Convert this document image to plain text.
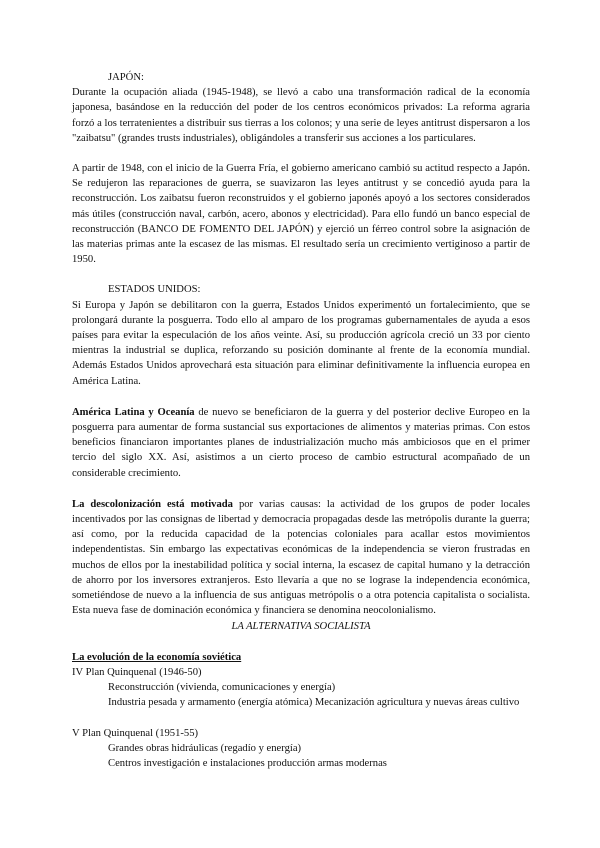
JAPÓN:

Durante la ocupación aliada (1945-1948), se llevó a cabo una transformación radical de la economía japonesa, basándose en la reducción del poder de los centros económicos privados: La reforma agraria forzó a los terratenientes a distribuir sus tierras a los colonos; y una serie de leyes antitrust dispersaron a los "zaibatsu" (grandes trusts industriales), obligándoles a transferir sus acciones a los particulares.

A partir de 1948, con el inicio de la Guerra Fría, el gobierno americano cambió su actitud respecto a Japón. Se redujeron las reparaciones de guerra, se suavizaron las leyes antitrust y se concedió ayuda para la reconstrucción. Los zaibatsu fueron reconstruidos y el gobierno japonés apoyó a los sectores considerados más útiles (construcción naval, carbón, acero, abonos y electricidad). Para ello fundó un banco especial de reconstrucción (BANCO DE FOMENTO DEL JAPÓN) y ejerció un férreo control sobre la asignación de las materias primas ante la escasez de las mismas. El resultado sería un crecimiento vertiginoso a partir de 1950.

ESTADOS UNIDOS:

Si Europa y Japón se debilitaron con la guerra, Estados Unidos experimentó un fortalecimiento, que se prolongará durante la posguerra. Todo ello al amparo de los programas gubernamentales de ayuda a esos países para evitar la especulación de los años veinte. Así, su producción agrícola creció un 33 por ciento mientras la industrial se duplica, reforzando su posición dominante al frente de la economía mundial. Además Estados Unidos aprovechará esta situación para eliminar definitivamente la influencia europea en América Latina.

América Latina y Oceanía de nuevo se beneficiaron de la guerra y del posterior declive Europeo en la posguerra para aumentar de forma sustancial sus exportaciones de alimentos y materias primas. Con estos beneficios financiaron importantes planes de industrialización mucho más ambiciosos que en el primer tercio del siglo XX. Así, asistimos a un cierto proceso de cambio estructural acompañado de un considerable crecimiento.

La descolonización está motivada por varias causas: la actividad de los grupos de poder locales incentivados por las consignas de libertad y democracia propagadas desde las metrópolis durante la guerra; así como, por la reducida capacidad de la potencias coloniales para acallar estos movimientos independentistas. Sin embargo las expectativas económicas de la independencia se vieron frustradas en muchos de ellos por la inestabilidad política y social interna, la escasez de capital humano y la detracción de ahorro por los inversores extranjeros. Esto llevaría a que no se lograse la independencia económica, sometiéndose de nuevo a la influencia de sus antiguas metrópolis o a otra potencia capitalista o socialista. Esta nueva fase de dominación económica y financiera se denomina neocolonialismo.

LA ALTERNATIVA SOCIALISTA

La evolución de la economía soviética

IV Plan Quinquenal (1946-50)

Reconstrucción (vivienda, comunicaciones y energía)

Industria pesada y armamento (energía atómica) Mecanización agricultura y nuevas áreas cultivo

V Plan Quinquenal (1951-55)

Grandes obras hidráulicas (regadío y energía)

Centros investigación e instalaciones producción armas modernas
